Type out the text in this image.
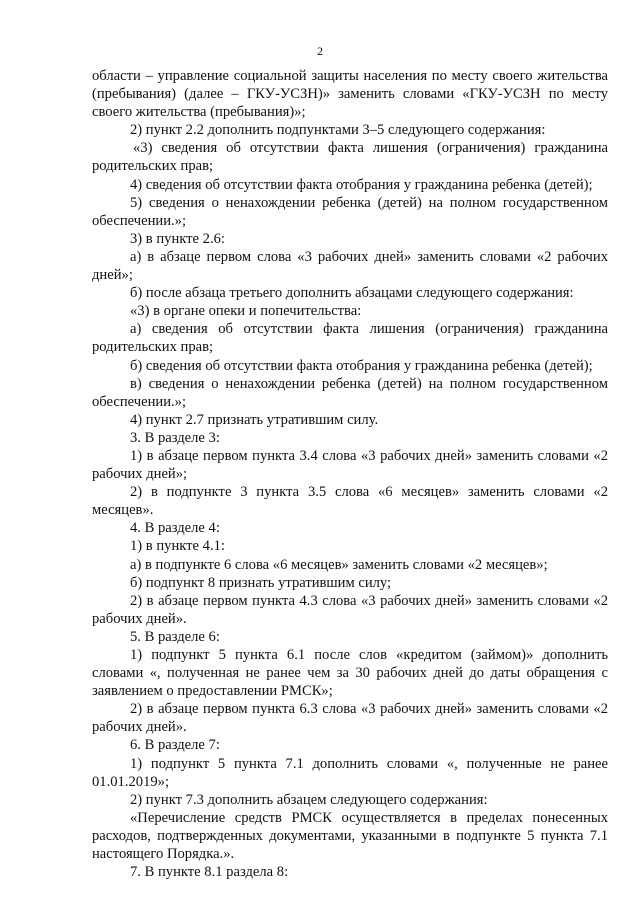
2

области – управление социальной защиты населения по месту своего жительства (пребывания) (далее – ГКУ-УСЗН)» заменить словами «ГКУ-УСЗН по месту своего жительства (пребывания)»;

2) пункт 2.2 дополнить подпунктами 3–5 следующего содержания:

«3) сведения об отсутствии факта лишения (ограничения) гражданина родительских прав;

4) сведения об отсутствии факта отобрания у гражданина ребенка (детей);

5) сведения о ненахождении ребенка (детей) на полном государственном обеспечении.»;

3) в пункте 2.6:

а) в абзаце первом слова «3 рабочих дней» заменить словами «2 рабочих дней»;

б) после абзаца третьего дополнить абзацами следующего содержания:

«3) в органе опеки и попечительства:

а) сведения об отсутствии факта лишения (ограничения) гражданина родительских прав;

б) сведения об отсутствии факта отобрания у гражданина ребенка (детей);

в) сведения о ненахождении ребенка (детей) на полном государственном обеспечении.»;

4) пункт 2.7 признать утратившим силу.

3. В разделе 3:

1) в абзаце первом пункта 3.4 слова «3 рабочих дней» заменить словами «2 рабочих дней»;

2) в подпункте 3 пункта 3.5 слова «6 месяцев» заменить словами «2 месяцев».

4. В разделе 4:

1) в пункте 4.1:

а) в подпункте 6 слова «6 месяцев» заменить словами «2 месяцев»;

б) подпункт 8 признать утратившим силу;

2) в абзаце первом пункта 4.3 слова «3 рабочих дней» заменить словами «2 рабочих дней».

5. В разделе 6:

1) подпункт 5 пункта 6.1 после слов «кредитом (займом)» дополнить словами «, полученная не ранее чем за 30 рабочих дней до даты обращения с заявлением о предоставлении РМСК»;

2) в абзаце первом пункта 6.3 слова «3 рабочих дней» заменить словами «2 рабочих дней».

6. В разделе 7:

1) подпункт 5 пункта 7.1 дополнить словами «, полученные не ранее 01.01.2019»;

2) пункт 7.3 дополнить абзацем следующего содержания:

«Перечисление средств РМСК осуществляется в пределах понесенных расходов, подтвержденных документами, указанными в подпункте 5 пункта 7.1 настоящего Порядка.».

7. В пункте 8.1 раздела 8:
